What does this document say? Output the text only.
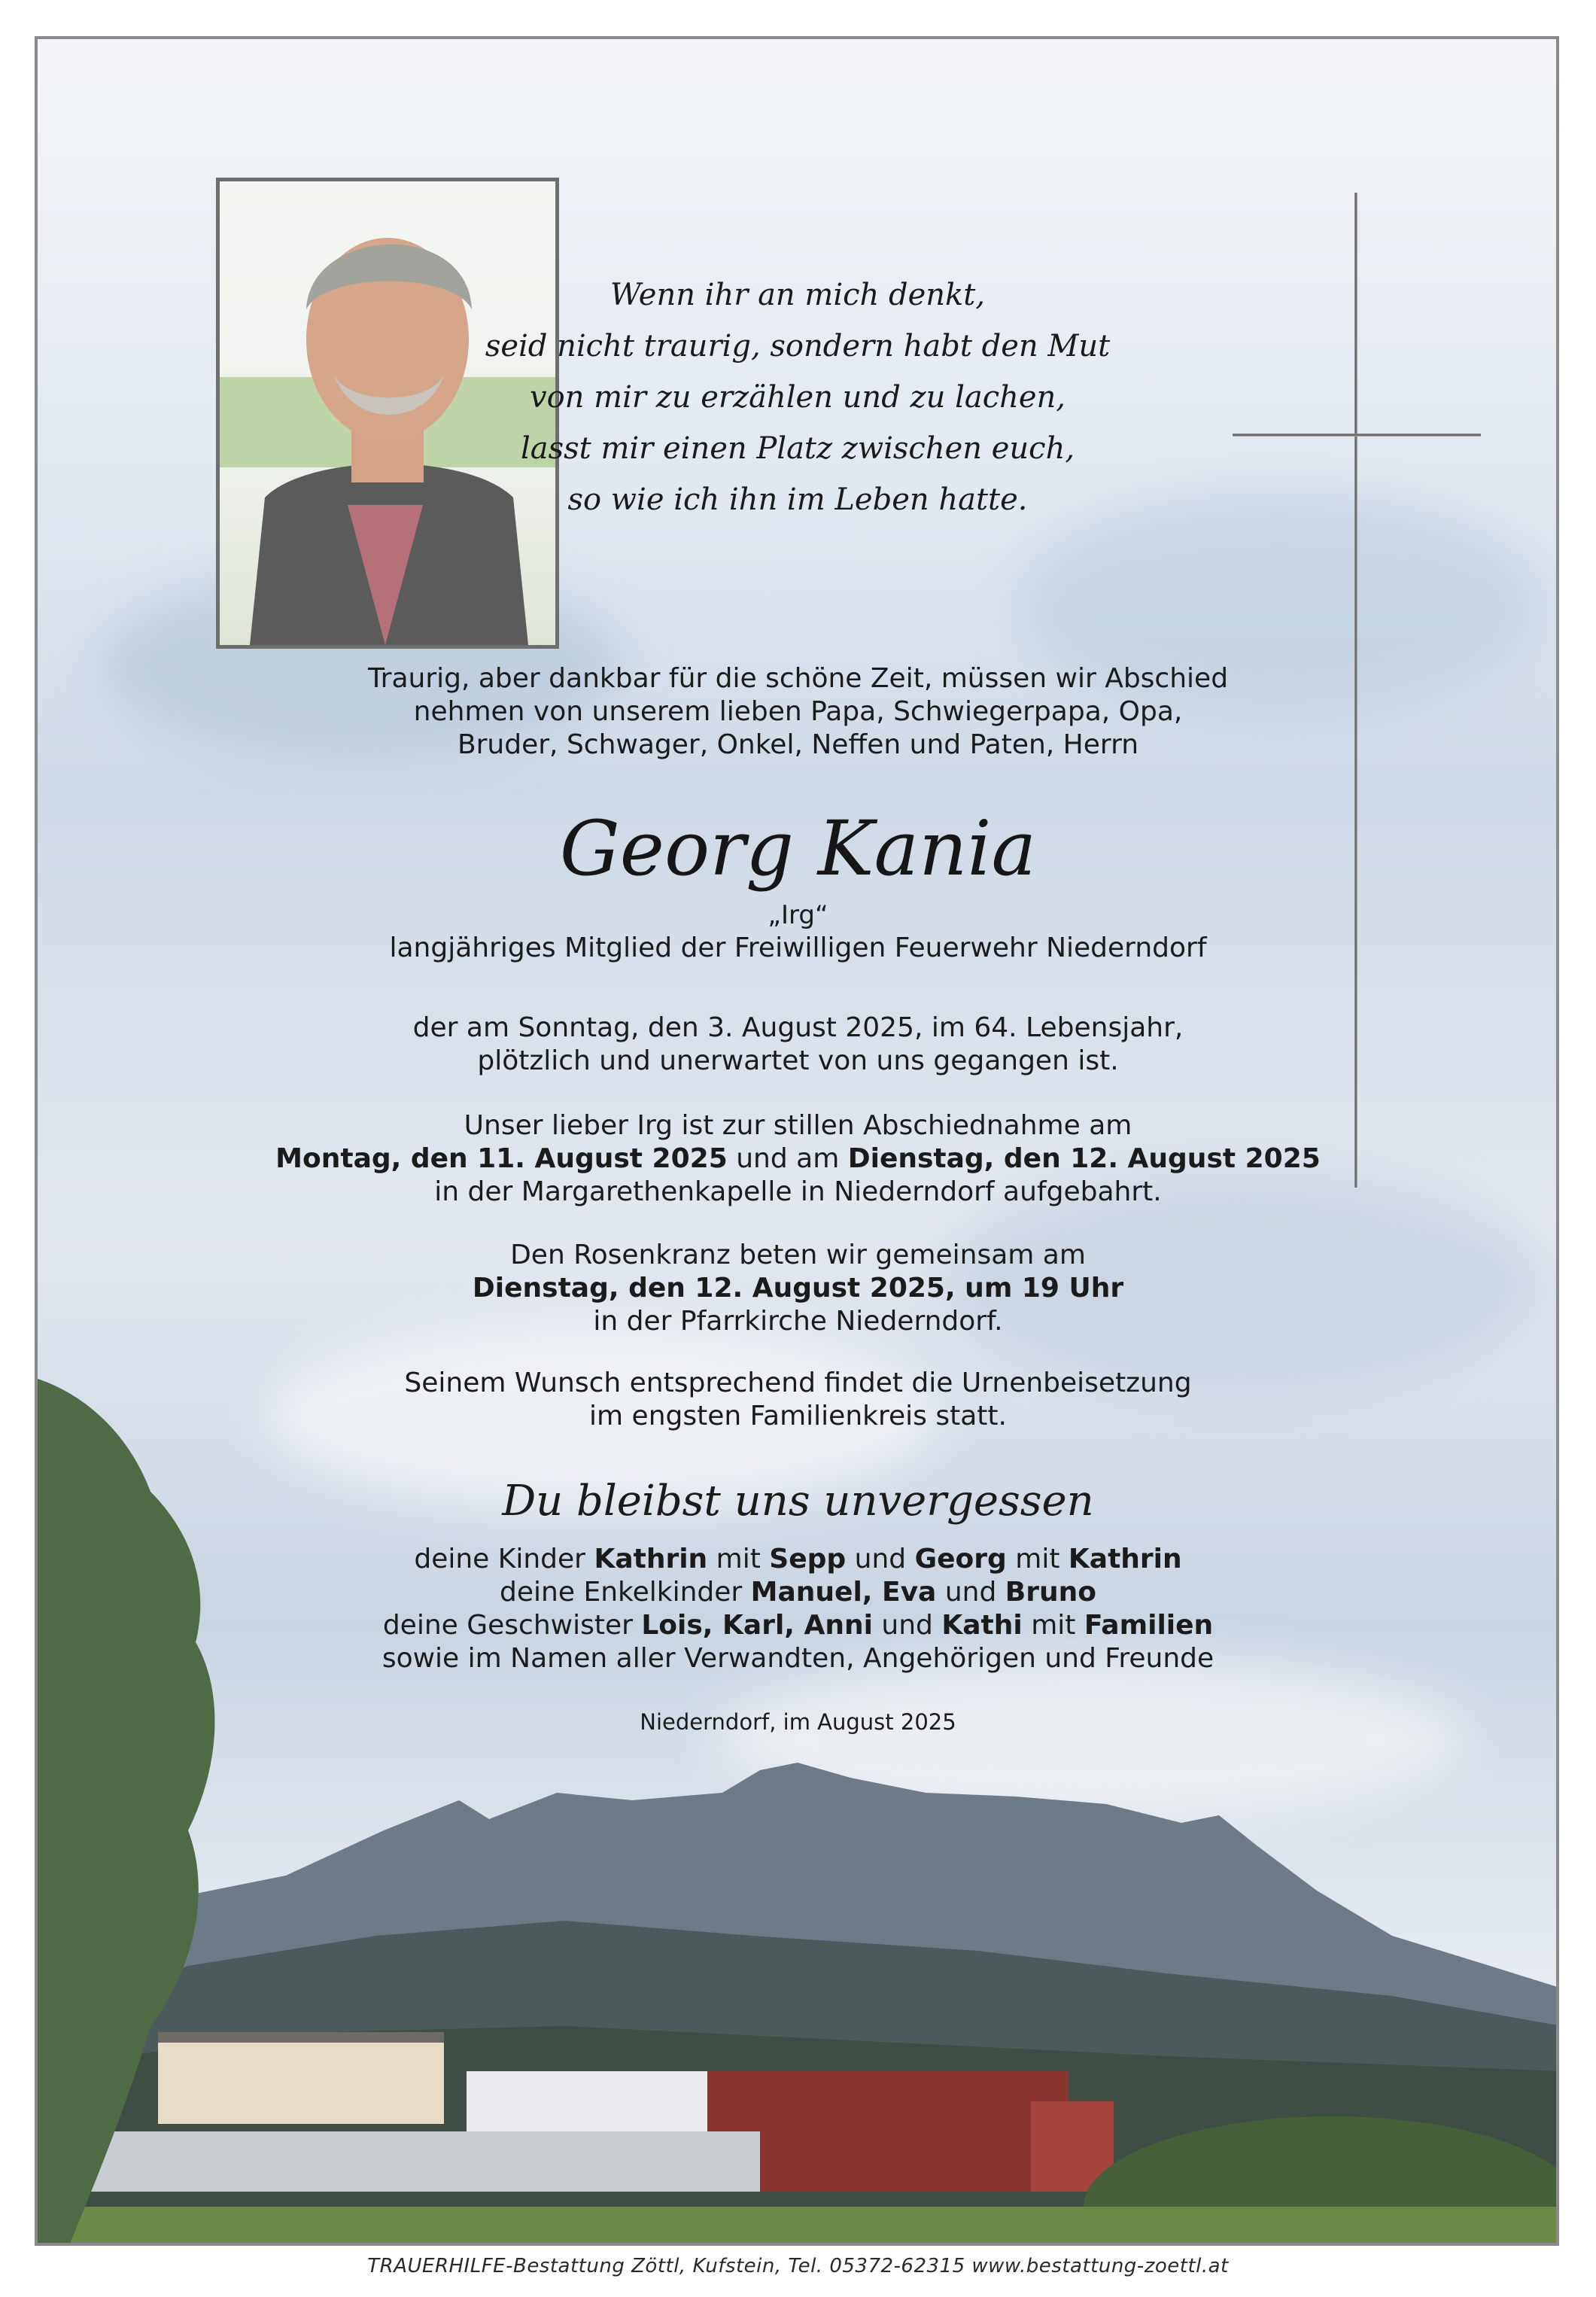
Wenn ihr an mich denkt,
seid nicht traurig, sondern habt den Mut
von mir zu erzählen und zu lachen,
lasst mir einen Platz zwischen euch,
so wie ich ihn im Leben hatte.
Traurig, aber dankbar für die schöne Zeit, müssen wir Abschied
nehmen von unserem lieben Papa, Schwiegerpapa, Opa,
Bruder, Schwager, Onkel, Neffen und Paten, Herrn
Georg Kania
„Irg“
langjähriges Mitglied der Freiwilligen Feuerwehr Niederndorf
der am Sonntag, den 3. August 2025, im 64. Lebensjahr,
plötzlich und unerwartet von uns gegangen ist.
Unser lieber Irg ist zur stillen Abschiednahme am
Montag, den 11. August 2025 und am Dienstag, den 12. August 2025
in der Margarethenkapelle in Niederndorf aufgebahrt.
Den Rosenkranz beten wir gemeinsam am
Dienstag, den 12. August 2025, um 19 Uhr
in der Pfarrkirche Niederndorf.
Seinem Wunsch entsprechend findet die Urnenbeisetzung
im engsten Familienkreis statt.
Du bleibst uns unvergessen
deine Kinder Kathrin mit Sepp und Georg mit Kathrin
deine Enkelkinder Manuel, Eva und Bruno
deine Geschwister Lois, Karl, Anni und Kathi mit Familien
sowie im Namen aller Verwandten, Angehörigen und Freunde
Niederndorf, im August 2025
TRAUERHILFE-Bestattung Zöttl, Kufstein, Tel. 05372-62315 www.bestattung-zoettl.at
